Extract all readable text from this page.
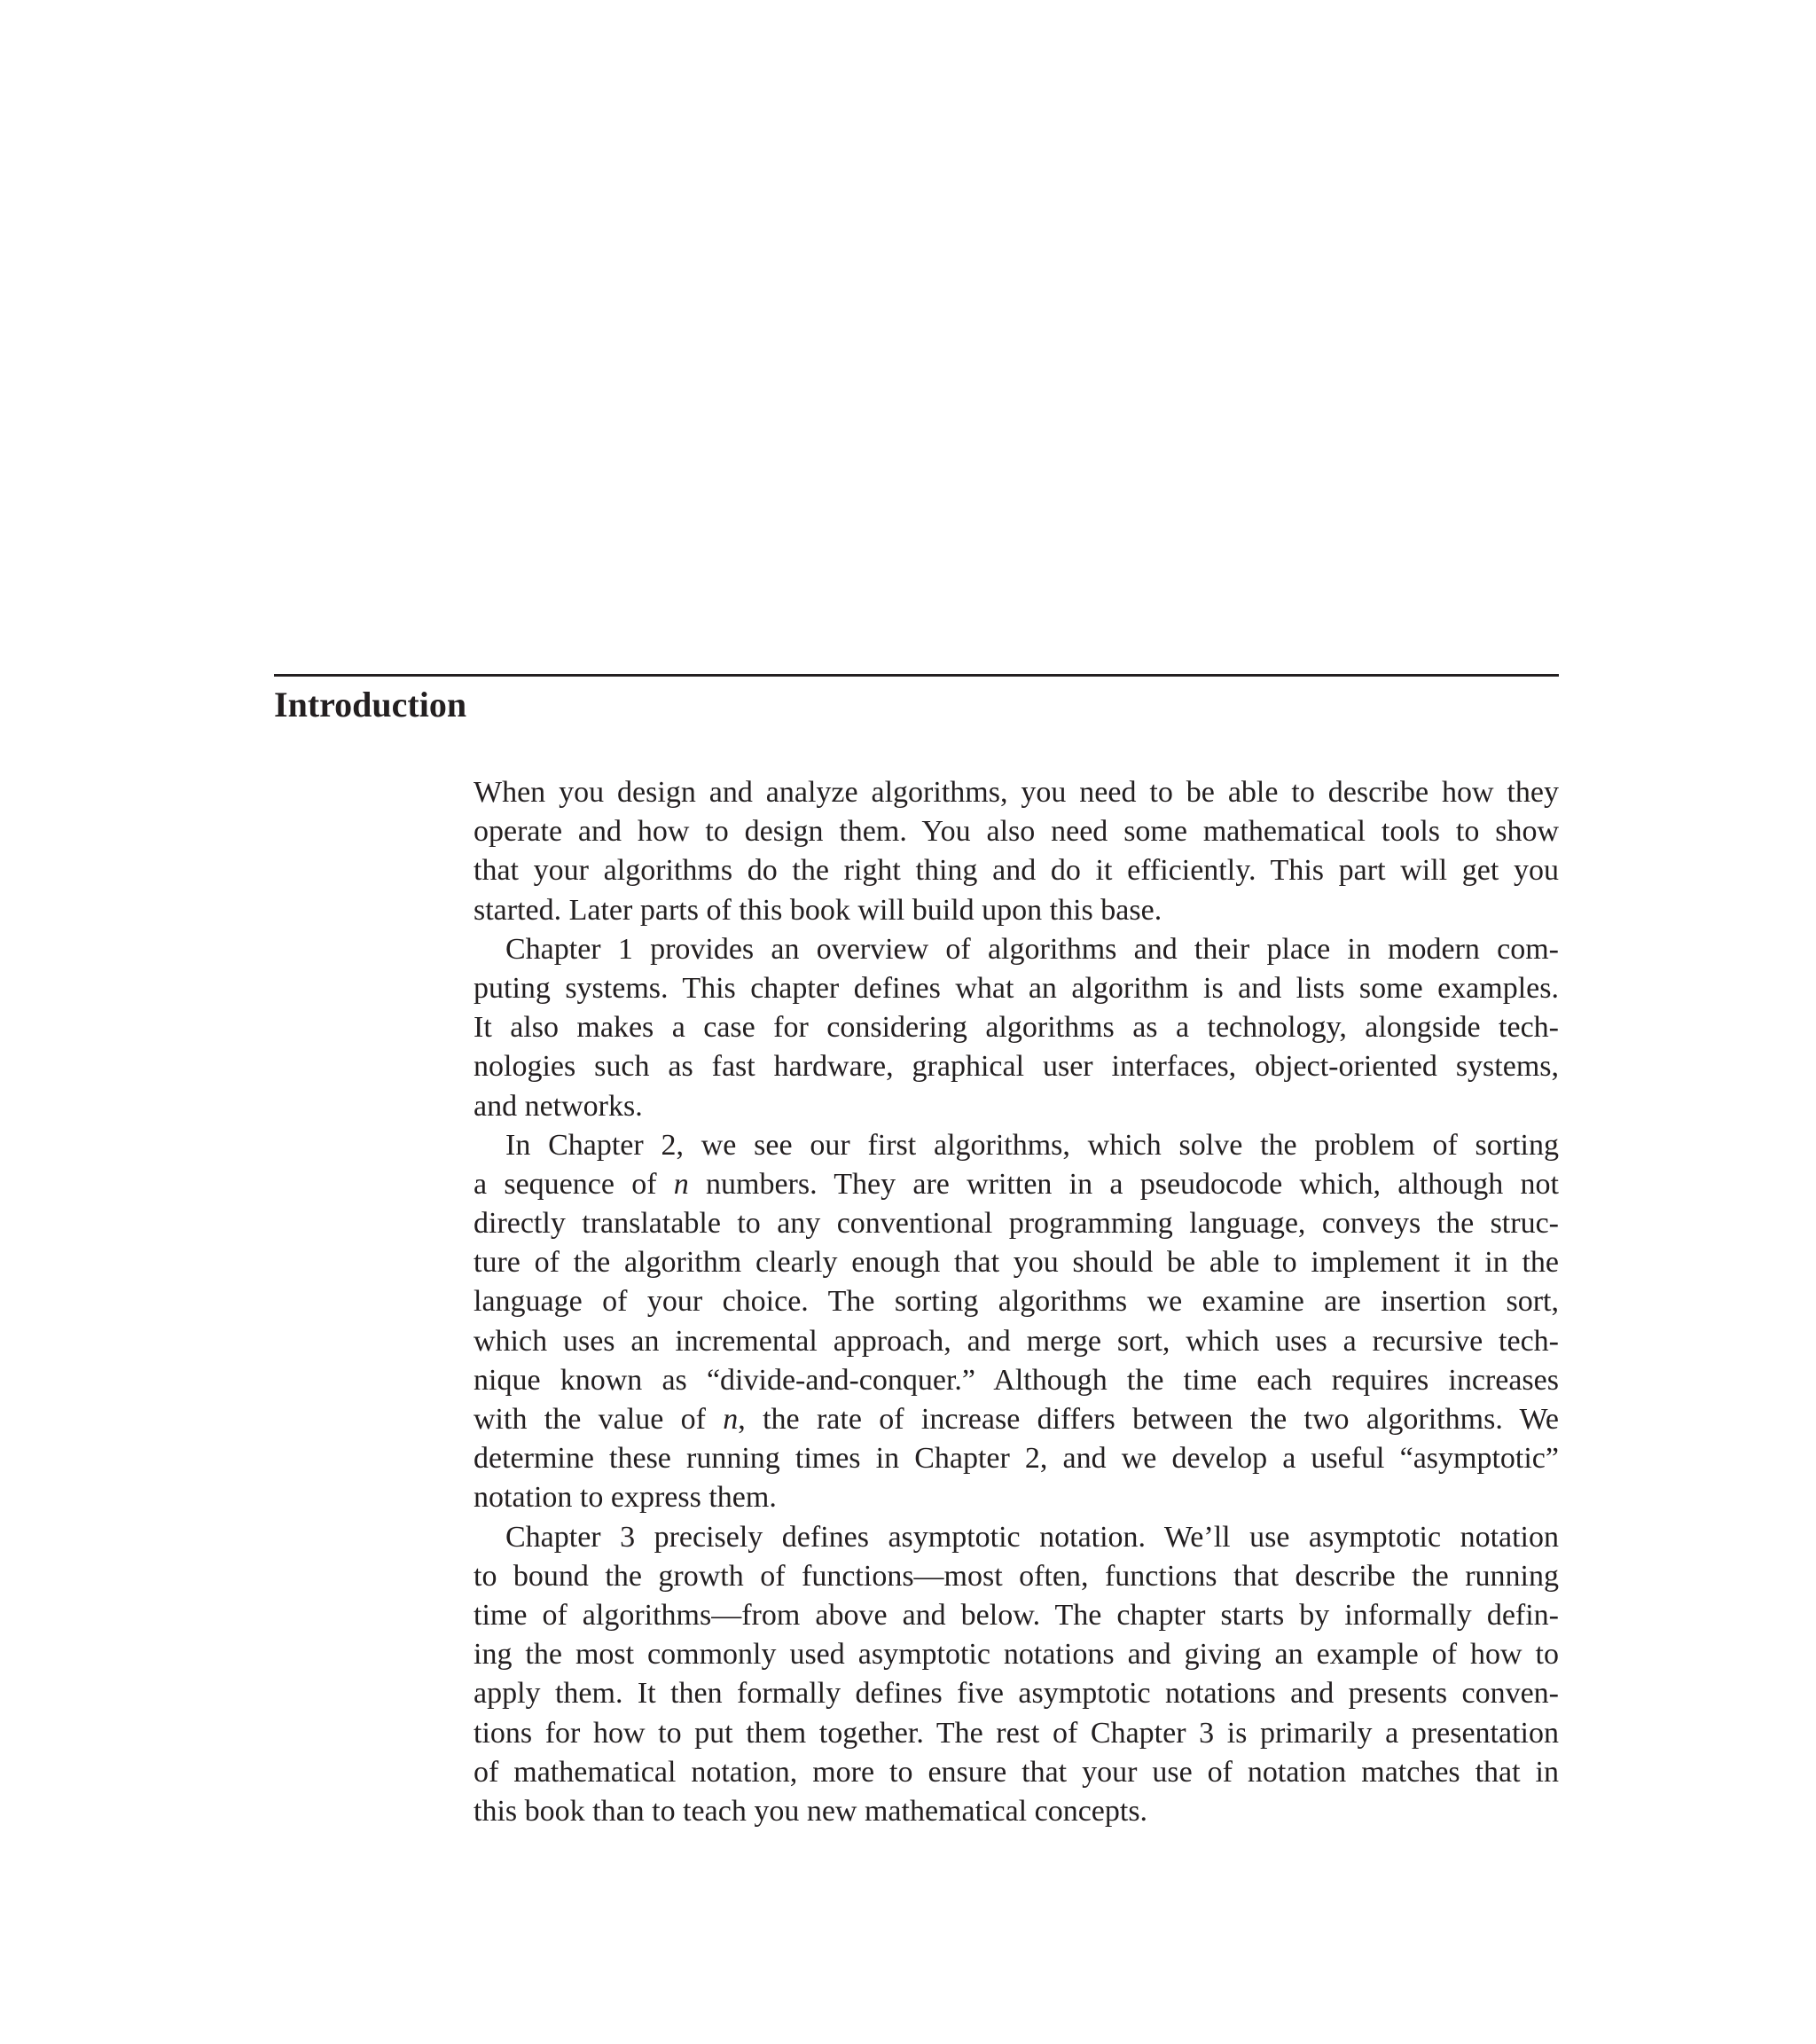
Introduction
When you design and analyze algorithms, you need to be able to describe how they
operate and how to design them. You also need some mathematical tools to show
that your algorithms do the right thing and do it efficiently. This part will get you
started. Later parts of this book will build upon this base.
Chapter 1 provides an overview of algorithms and their place in modern com-
puting systems. This chapter defines what an algorithm is and lists some examples.
It also makes a case for considering algorithms as a technology, alongside tech-
nologies such as fast hardware, graphical user interfaces, object-oriented systems,
and networks.
In Chapter 2, we see our first algorithms, which solve the problem of sorting
a sequence of n numbers. They are written in a pseudocode which, although not
directly translatable to any conventional programming language, conveys the struc-
ture of the algorithm clearly enough that you should be able to implement it in the
language of your choice. The sorting algorithms we examine are insertion sort,
which uses an incremental approach, and merge sort, which uses a recursive tech-
nique known as “divide-and-conquer.” Although the time each requires increases
with the value of n, the rate of increase differs between the two algorithms. We
determine these running times in Chapter 2, and we develop a useful “asymptotic”
notation to express them.
Chapter 3 precisely defines asymptotic notation. We’ll use asymptotic notation
to bound the growth of functions—most often, functions that describe the running
time of algorithms—from above and below. The chapter starts by informally defin-
ing the most commonly used asymptotic notations and giving an example of how to
apply them. It then formally defines five asymptotic notations and presents conven-
tions for how to put them together. The rest of Chapter 3 is primarily a presentation
of mathematical notation, more to ensure that your use of notation matches that in
this book than to teach you new mathematical concepts.
